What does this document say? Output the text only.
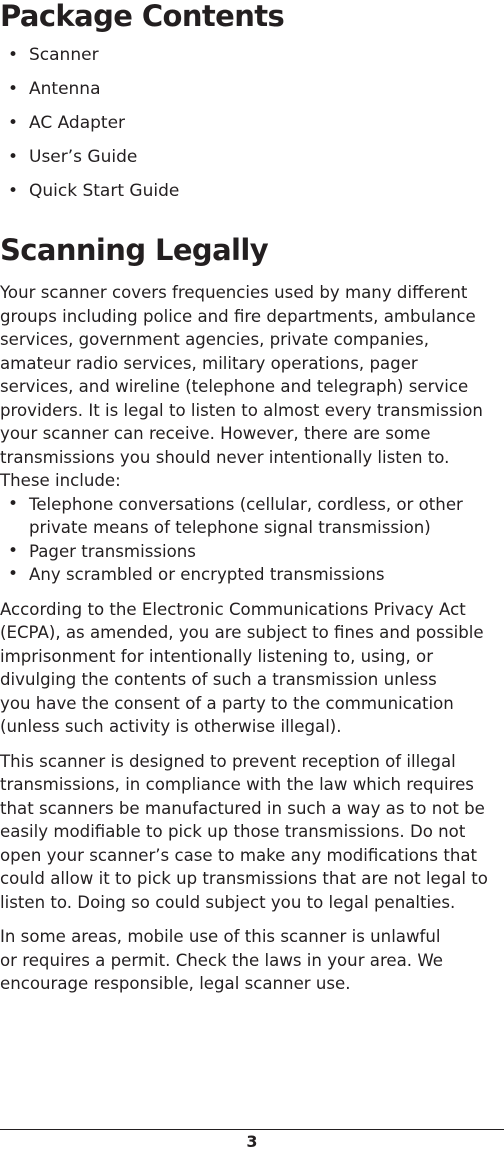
Package Contents
• Scanner
• Antenna
• AC Adapter
• User’s Guide
• Quick Start Guide
Scanning Legally
Your scanner covers frequencies used by many different
groups including police and fire departments, ambulance
services, government agencies, private companies,
amateur radio services, military operations, pager
services, and wireline (telephone and telegraph) service
providers. It is legal to listen to almost every transmission
your scanner can receive. However, there are some
transmissions you should never intentionally listen to.
These include:
• Telephone conversations (cellular, cordless, or other
private means of telephone signal transmission)
• Pager transmissions
• Any scrambled or encrypted transmissions
According to the Electronic Communications Privacy Act
(ECPA), as amended, you are subject to fines and possible
imprisonment for intentionally listening to, using, or
divulging the contents of such a transmission unless
you have the consent of a party to the communication
(unless such activity is otherwise illegal).
This scanner is designed to prevent reception of illegal
transmissions, in compliance with the law which requires
that scanners be manufactured in such a way as to not be
easily modifiable to pick up those transmissions. Do not
open your scanner’s case to make any modifications that
could allow it to pick up transmissions that are not legal to
listen to. Doing so could subject you to legal penalties.
In some areas, mobile use of this scanner is unlawful
or requires a permit. Check the laws in your area. We
encourage responsible, legal scanner use.
3
